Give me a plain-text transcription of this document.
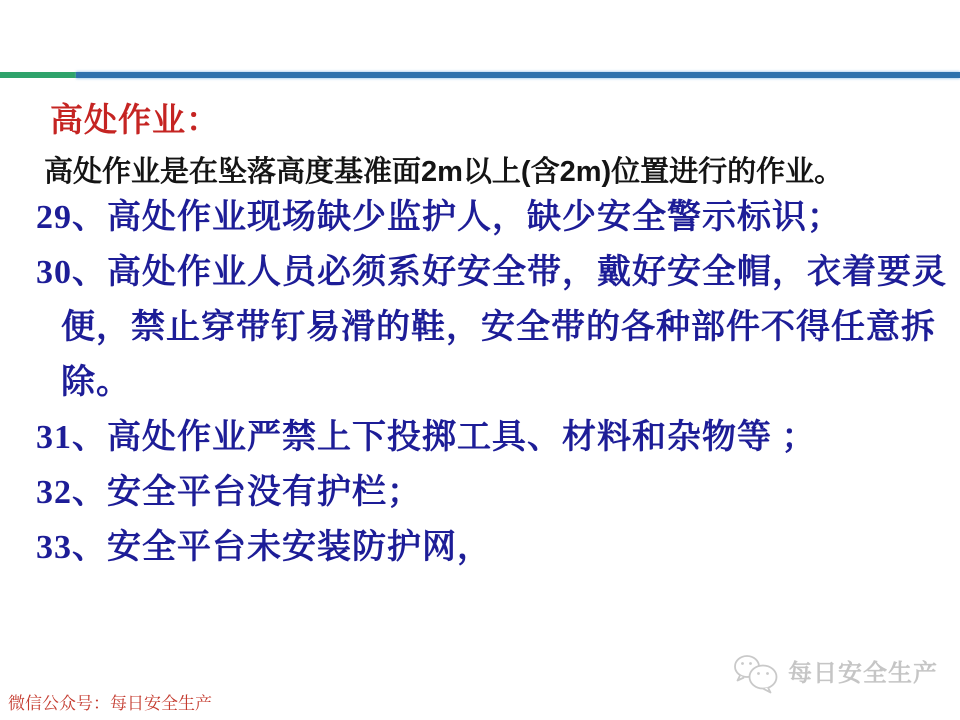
高处作业：
高处作业是在坠落高度基准面2m以上(含2m)位置进行的作业。
29、高处作业现场缺少监护人，缺少安全警示标识；
30、高处作业人员必须系好安全带，戴好安全帽，衣着要灵
便，禁止穿带钉易滑的鞋，安全带的各种部件不得任意拆
除。
31、高处作业严禁上下投掷工具、材料和杂物等 ；
32、安全平台没有护栏；
33、安全平台未安装防护网，
微信公众号：每日安全生产
每日安全生产
